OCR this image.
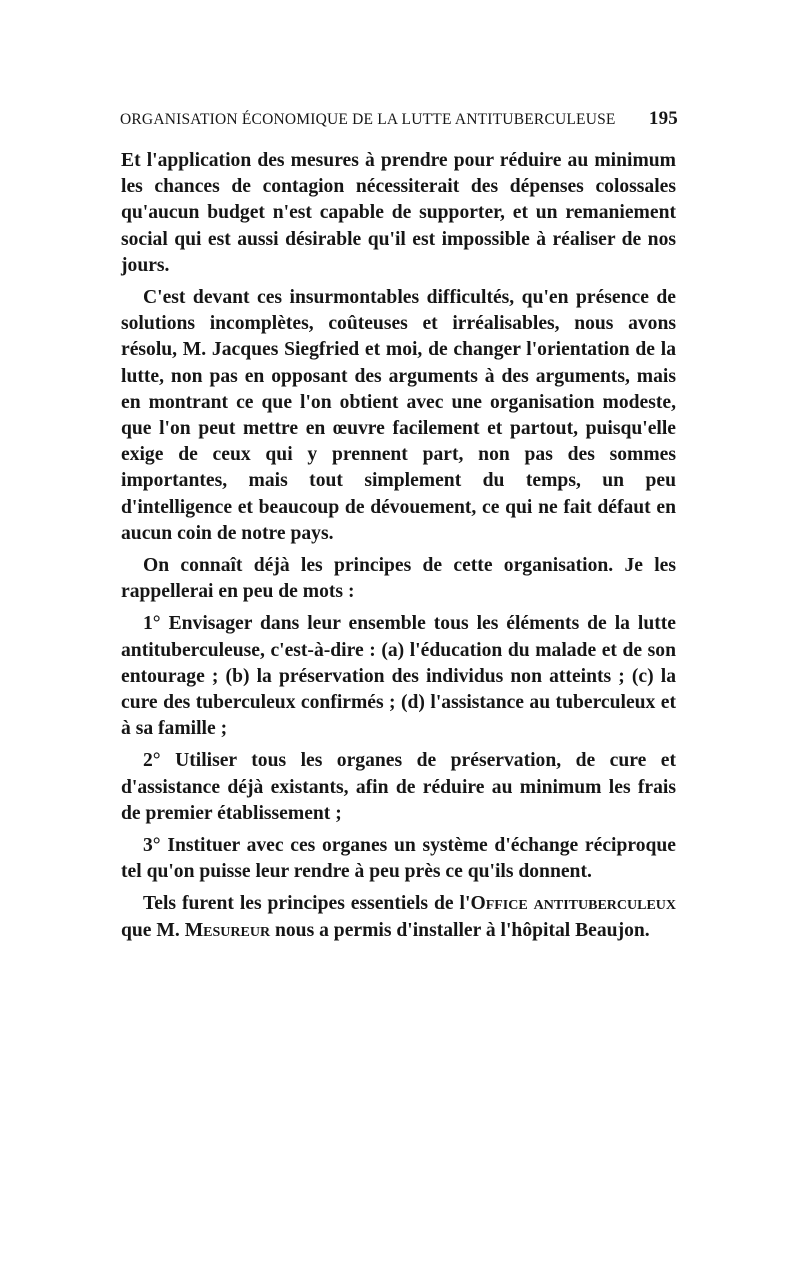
ORGANISATION ÉCONOMIQUE DE LA LUTTE ANTITUBERCULEUSE 195

Et l'application des mesures à prendre pour réduire au minimum les chances de contagion nécessiterait des dépenses colossales qu'aucun budget n'est capable de supporter, et un remaniement social qui est aussi désirable qu'il est impossible à réaliser de nos jours.

C'est devant ces insurmontables difficultés, qu'en présence de solutions incomplètes, coûteuses et irréalisables, nous avons résolu, M. Jacques Siegfried et moi, de changer l'orientation de la lutte, non pas en opposant des arguments à des arguments, mais en montrant ce que l'on obtient avec une organisation modeste, que l'on peut mettre en œuvre facilement et partout, puisqu'elle exige de ceux qui y prennent part, non pas des sommes importantes, mais tout simplement du temps, un peu d'intelligence et beaucoup de dévouement, ce qui ne fait défaut en aucun coin de notre pays.

On connaît déjà les principes de cette organisation. Je les rappellerai en peu de mots :

1° Envisager dans leur ensemble tous les éléments de la lutte antituberculeuse, c'est-à-dire : (a) l'éducation du malade et de son entourage ; (b) la préservation des individus non atteints ; (c) la cure des tuberculeux confirmés ; (d) l'assistance au tuberculeux et à sa famille ;

2° Utiliser tous les organes de préservation, de cure et d'assistance déjà existants, afin de réduire au minimum les frais de premier établissement ;

3° Instituer avec ces organes un système d'échange réciproque tel qu'on puisse leur rendre à peu près ce qu'ils donnent.

Tels furent les principes essentiels de l'Office antituberculeux que M. Mesureur nous a permis d'installer à l'hôpital Beaujon.
